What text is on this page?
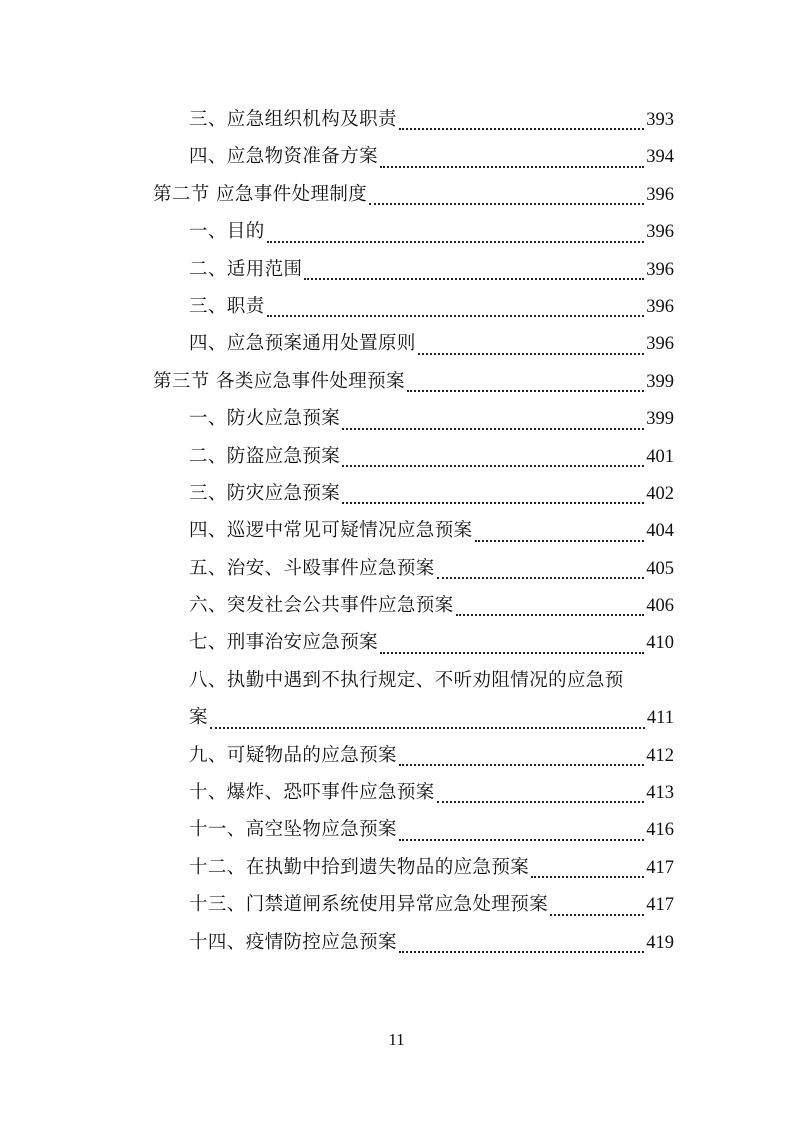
三、应急组织机构及职责	393
四、应急物资准备方案	394
第二节 应急事件处理制度	396
一、目的	396
二、适用范围	396
三、职责	396
四、应急预案通用处置原则	396
第三节 各类应急事件处理预案	399
一、防火应急预案	399
二、防盗应急预案	401
三、防灾应急预案	402
四、巡逻中常见可疑情况应急预案	404
五、治安、斗殴事件应急预案	405
六、突发社会公共事件应急预案	406
七、刑事治安应急预案	410
八、执勤中遇到不执行规定、不听劝阻情况的应急预
案	411
九、可疑物品的应急预案	412
十、爆炸、恐吓事件应急预案	413
十一、高空坠物应急预案	416
十二、在执勤中拾到遗失物品的应急预案	417
十三、门禁道闸系统使用异常应急处理预案	417
十四、疫情防控应急预案	419
11
